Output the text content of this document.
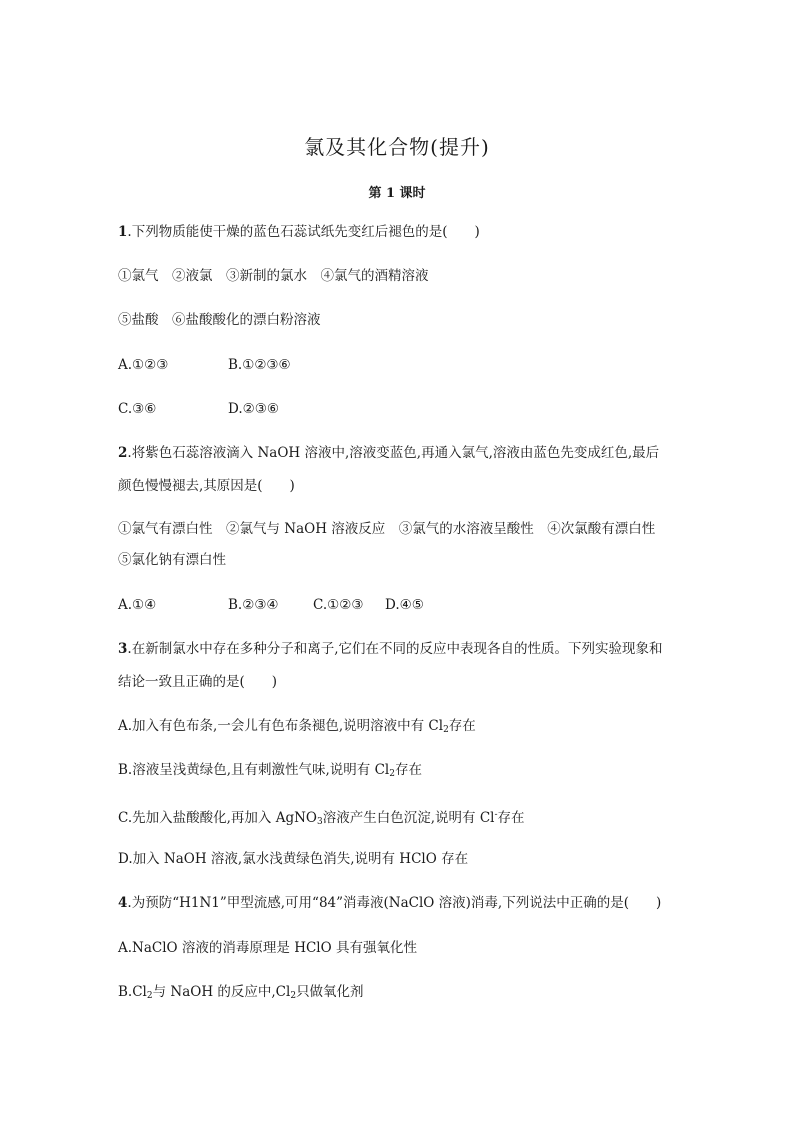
氯及其化合物(提升)
第 1 课时
1.下列物质能使干燥的蓝色石蕊试纸先变红后褪色的是(　　)
①氯气　②液氯　③新制的氯水　④氯气的酒精溶液
⑤盐酸　⑥盐酸酸化的漂白粉溶液
A.①②③	B.①②③⑥
C.③⑥	D.②③⑥
2.将紫色石蕊溶液滴入 NaOH 溶液中,溶液变蓝色,再通入氯气,溶液由蓝色先变成红色,最后
颜色慢慢褪去,其原因是(　　)
①氯气有漂白性　②氯气与 NaOH 溶液反应　③氯气的水溶液呈酸性　④次氯酸有漂白性
⑤氯化钠有漂白性
A.①④	B.②③④	C.①②③ D.④⑤
3.在新制氯水中存在多种分子和离子,它们在不同的反应中表现各自的性质。下列实验现象和
结论一致且正确的是(　　)
A.加入有色布条,一会儿有色布条褪色,说明溶液中有 $Cl_2$存在
B.溶液呈浅黄绿色,且有刺激性气味,说明有 $Cl_2$存在
C.先加入盐酸酸化,再加入 AgNO$_3$溶液产生白色沉淀,说明有 Cl-存在
D.加入 NaOH 溶液,氯水浅黄绿色消失,说明有 HClO 存在
4.为预防“H1N1”甲型流感,可用“84”消毒液(NaClO 溶液)消毒,下列说法中正确的是(　　)
A.NaClO 溶液的消毒原理是 HClO 具有强氧化性
$B.Cl_2$与 NaOH 的反应中$,Cl_2$只做氧化剂
